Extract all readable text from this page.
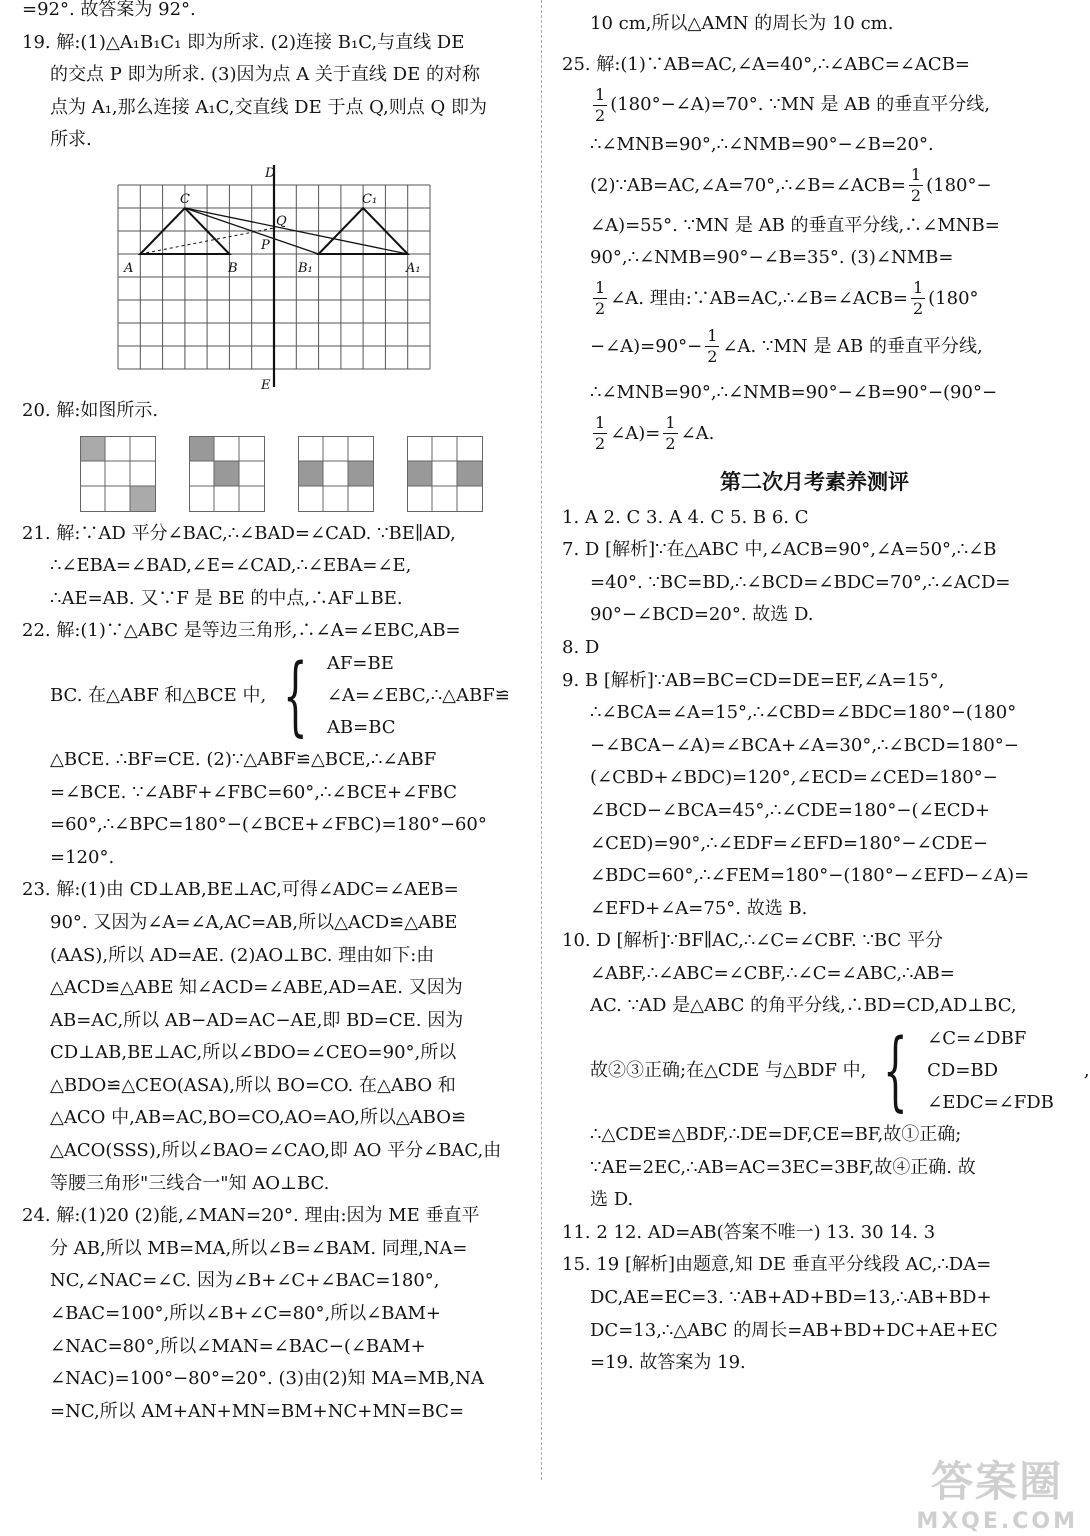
=92°. 故答案为 92°.

19. 解:(1)△A₁B₁C₁ 即为所求. (2)连接 B₁C,与直线 DE

的交点 P 即为所求. (3)因为点 A 关于直线 DE 的对称

点为 A₁,那么连接 A₁C,交直线 DE 于点 Q,则点 Q 即为

所求.

D
E
C	C₁
Q
P
A	B	B₁	A₁

20. 解:如图所示.

21. 解:∵AD 平分∠BAC,∴∠BAD=∠CAD. ∵BE∥AD,

∴∠EBA=∠BAD,∠E=∠CAD,∴∠EBA=∠E,

∴AE=AB. 又∵F 是 BE 的中点,∴AF⊥BE.

22. 解:(1)∵△ABC 是等边三角形,∴∠A=∠EBC,AB=

BC. 在△ABF 和△BCE 中, { AF=BE
∠A=∠EBC,∴△ABF≌
AB=BC

△BCE. ∴BF=CE. (2)∵△ABF≌△BCE,∴∠ABF

=∠BCE. ∵∠ABF+∠FBC=60°,∴∠BCE+∠FBC

=60°,∴∠BPC=180°−(∠BCE+∠FBC)=180°−60°

=120°.

23. 解:(1)由 CD⊥AB,BE⊥AC,可得∠ADC=∠AEB=

90°. 又因为∠A=∠A,AC=AB,所以△ACD≌△ABE

(AAS),所以 AD=AE. (2)AO⊥BC. 理由如下:由

△ACD≌△ABE 知∠ACD=∠ABE,AD=AE. 又因为

AB=AC,所以 AB−AD=AC−AE,即 BD=CE. 因为

CD⊥AB,BE⊥AC,所以∠BDO=∠CEO=90°,所以

△BDO≌△CEO(ASA),所以 BO=CO. 在△ABO 和

△ACO 中,AB=AC,BO=CO,AO=AO,所以△ABO≌

△ACO(SSS),所以∠BAO=∠CAO,即 AO 平分∠BAC,由

等腰三角形"三线合一"知 AO⊥BC.

24. 解:(1)20 (2)能,∠MAN=20°. 理由:因为 ME 垂直平

分 AB,所以 MB=MA,所以∠B=∠BAM. 同理,NA=

NC,∠NAC=∠C. 因为∠B+∠C+∠BAC=180°,

∠BAC=100°,所以∠B+∠C=80°,所以∠BAM+

∠NAC=80°,所以∠MAN=∠BAC−(∠BAM+

∠NAC)=100°−80°=20°. (3)由(2)知 MA=MB,NA

=NC,所以 AM+AN+MN=BM+NC+MN=BC=

10 cm,所以△AMN 的周长为 10 cm.

25. 解:(1)∵AB=AC,∠A=40°,∴∠ABC=∠ACB=

$\frac{1}{2}$ (180°−∠A)=70°. ∵MN 是 AB 的垂直平分线,

∴∠MNB=90°,∴∠NMB=90°−∠B=20°.

(2)∵AB=AC,∠A=70°,∴∠B=∠ACB= $\frac{1}{2} (180^\circ-$

∠A)=55°. ∵MN 是 AB 的垂直平分线,∴∠MNB=

90°,∴∠NMB=90°−∠B=35°. (3)∠NMB=

$\frac{1}{2}$ ∠A. 理由:∵AB=AC,∴∠B=∠ACB= $\frac{1}{2} (180^\circ$
−∠A)=90°− $\frac{1}{2}$ ∠A. ∵MN 是 AB 的垂直平分线,

∴∠MNB=90°,∴∠NMB=90°−∠B=90°−(90°−

$\frac{1}{2}$ ∠A)= $\frac{1}{2}$ ∠A.
第二次月考素养测评

1. A 2. C 3. A 4. C 5. B 6. C

7. D [解析]∵在△ABC 中,∠ACB=90°,∠A=50°,∴∠B

=40°. ∵BC=BD,∴∠BCD=∠BDC=70°,∴∠ACD=

90°−∠BCD=20°. 故选 D.

8. D

9. B [解析]∵AB=BC=CD=DE=EF,∠A=15°,

∴∠BCA=∠A=15°,∴∠CBD=∠BDC=180°−(180°

−∠BCA−∠A)=∠BCA+∠A=30°,∴∠BCD=180°−

(∠CBD+∠BDC)=120°,∠ECD=∠CED=180°−

∠BCD−∠BCA=45°,∴∠CDE=180°−(∠ECD+

∠CED)=90°,∴∠EDF=∠EFD=180°−∠CDE−

∠BDC=60°,∴∠FEM=180°−(180°−∠EFD−∠A)=

∠EFD+∠A=75°. 故选 B.

10. D [解析]∵BF∥AC,∴∠C=∠CBF. ∵BC 平分

∠ABF,∴∠ABC=∠CBF,∴∠C=∠ABC,∴AB=

AC. ∵AD 是△ABC 的角平分线,∴BD=CD,AD⊥BC,

故②③正确;在△CDE 与△BDF 中, { ∠C=∠DBF
CD=BD
∠EDC=∠FDB
,

∴△CDE≌△BDF,∴DE=DF,CE=BF,故①正确;

∵AE=2EC,∴AB=AC=3EC=3BF,故④正确. 故

选 D.

11. 2 12. AD=AB(答案不唯一) 13. 30 14. 3

15. 19 [解析]由题意,知 DE 垂直平分线段 AC,∴DA=

DC,AE=EC=3. ∵AB+AD+BD=13,∴AB+BD+

DC=13,∴△ABC 的周长=AB+BD+DC+AE+EC

=19. 故答案为 19.

答案圈
MXQE.COM
